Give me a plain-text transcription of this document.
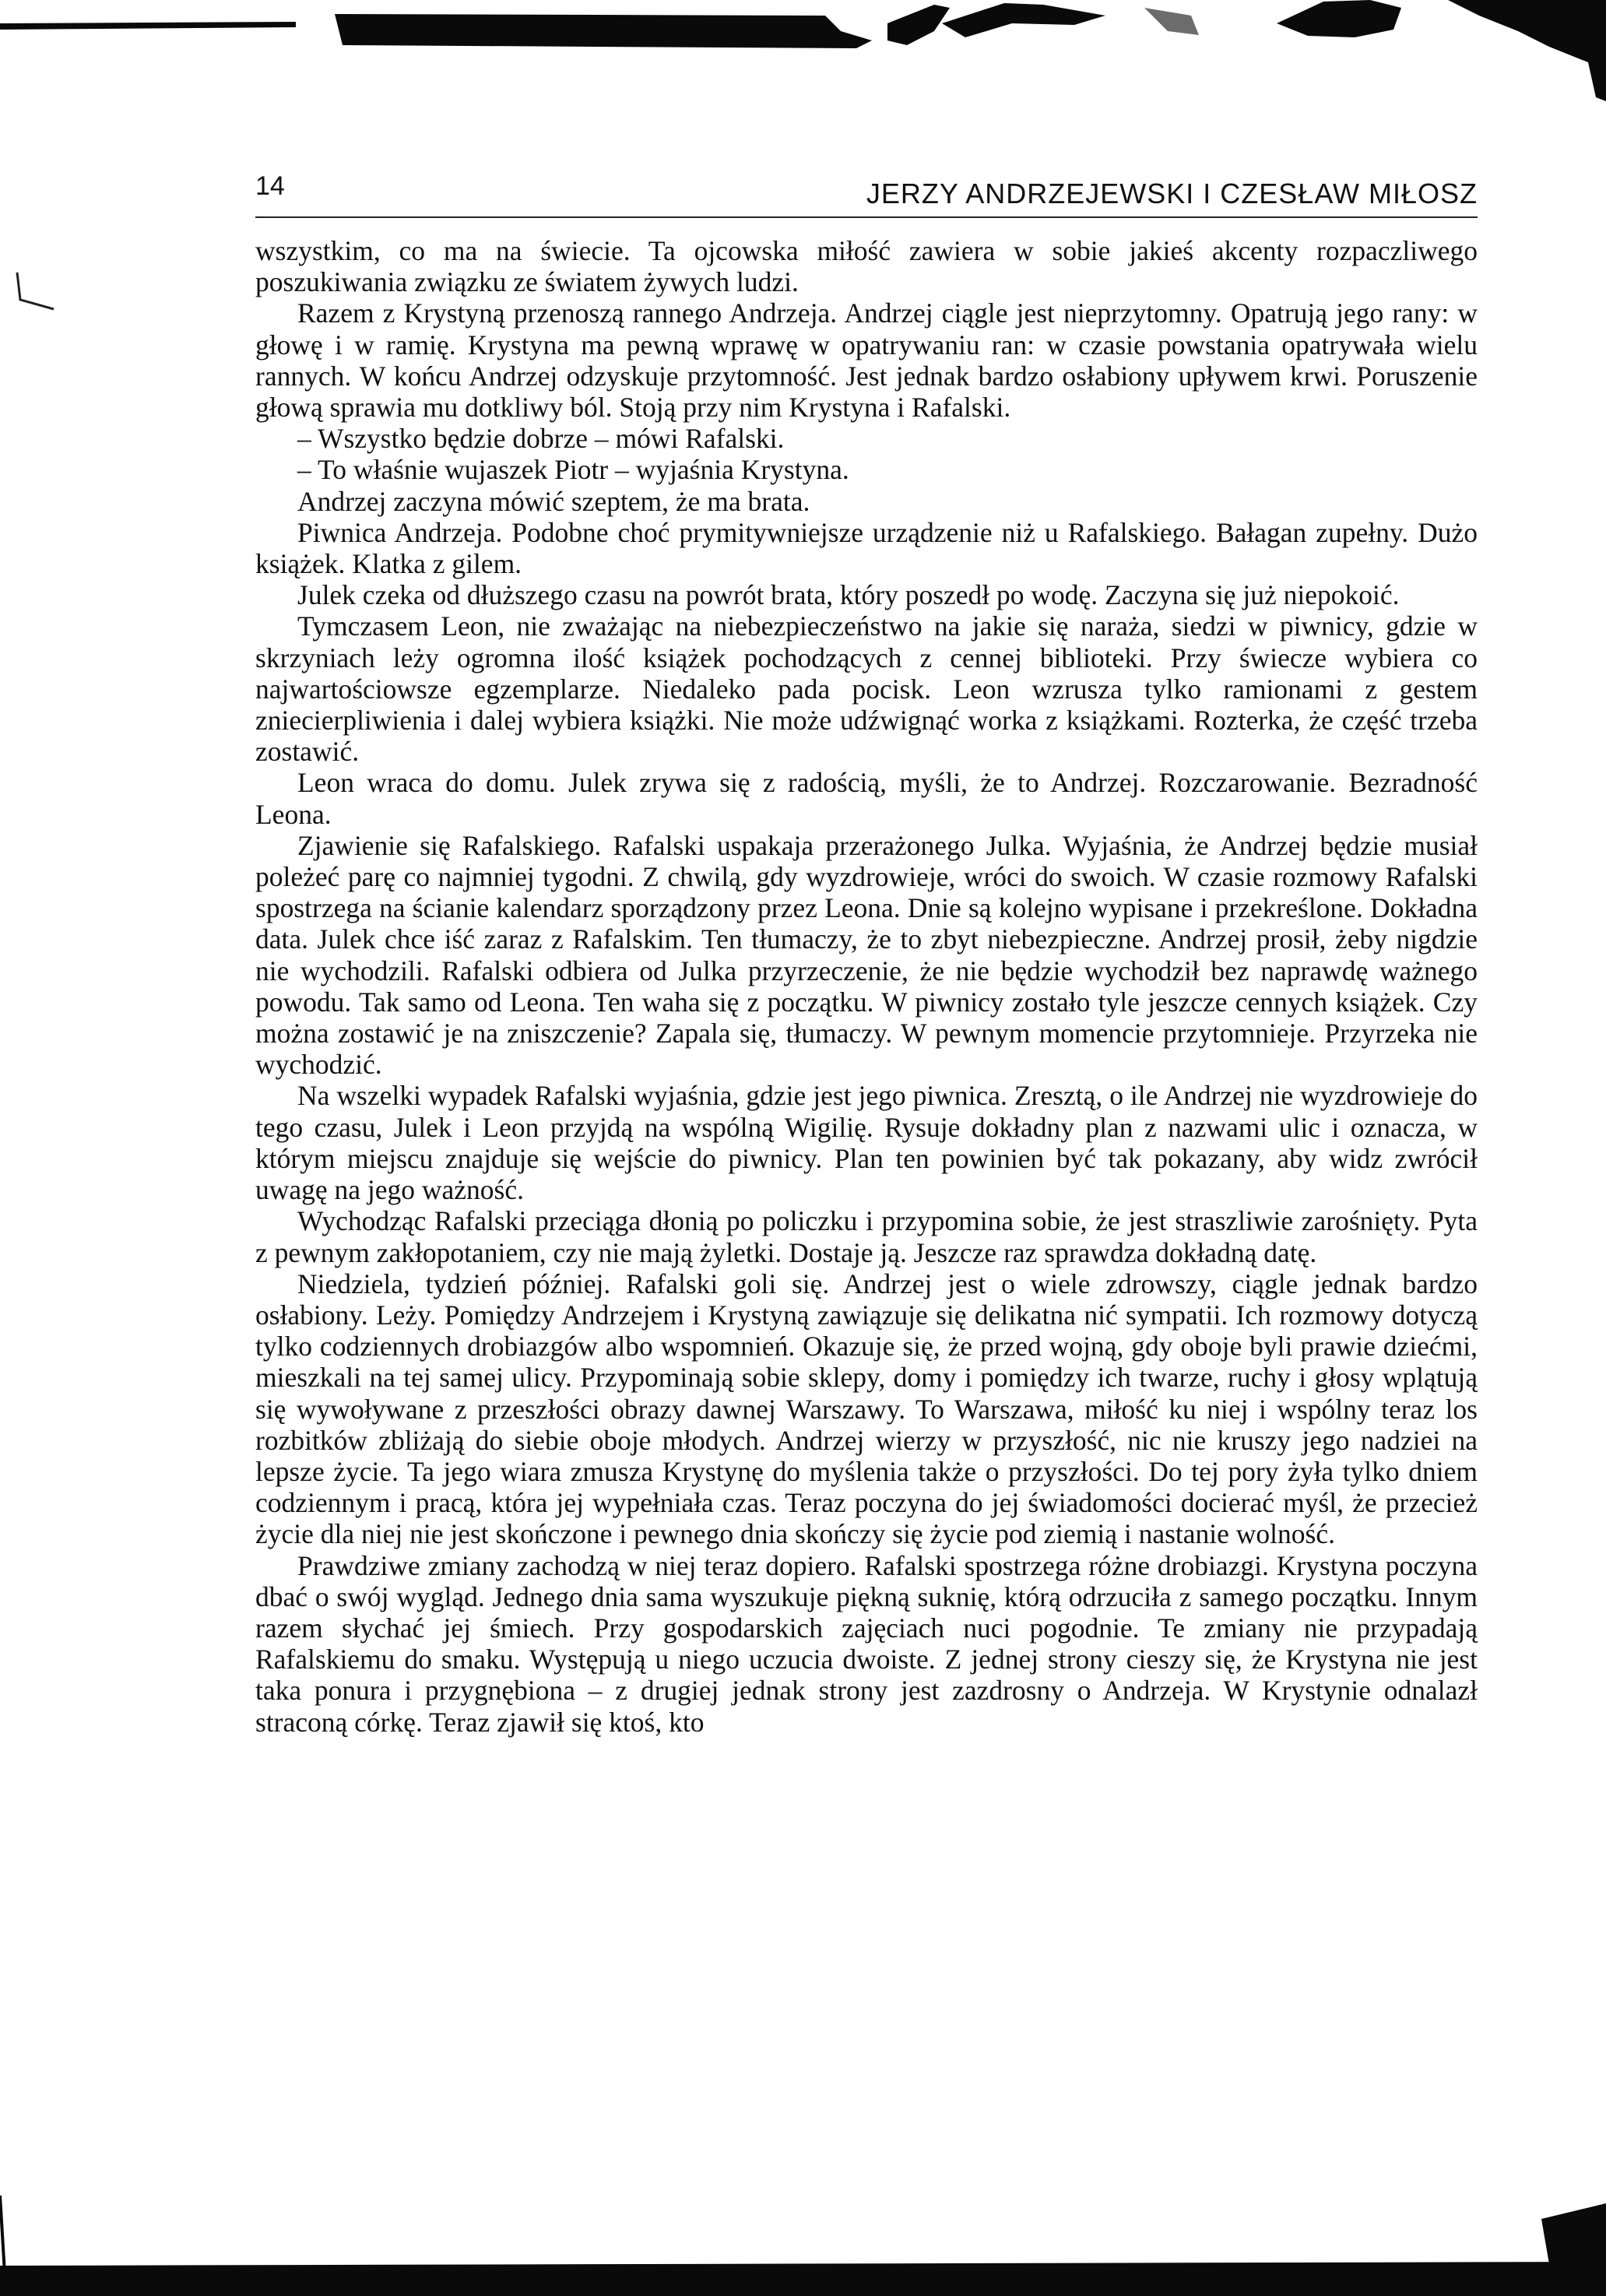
14	JERZY ANDRZEJEWSKI I CZESŁAW MIŁOSZ

wszystkim, co ma na świecie. Ta ojcowska miłość zawiera w sobie jakieś akcenty rozpaczliwego poszukiwania związku ze światem żywych ludzi.

Razem z Krystyną przenoszą rannego Andrzeja. Andrzej ciągle jest nieprzytomny. Opatrują jego rany: w głowę i w ramię. Krystyna ma pewną wprawę w opatrywaniu ran: w czasie powstania opatrywała wielu rannych. W końcu Andrzej odzyskuje przytomność. Jest jednak bardzo osłabiony upływem krwi. Poruszenie głową sprawia mu dotkliwy ból. Stoją przy nim Krystyna i Rafalski.

– Wszystko będzie dobrze – mówi Rafalski.

– To właśnie wujaszek Piotr – wyjaśnia Krystyna.

Andrzej zaczyna mówić szeptem, że ma brata.

Piwnica Andrzeja. Podobne choć prymitywniejsze urządzenie niż u Rafalskiego. Bałagan zupełny. Dużo książek. Klatka z gilem.

Julek czeka od dłuższego czasu na powrót brata, który poszedł po wodę. Zaczyna się już niepokoić.

Tymczasem Leon, nie zważając na niebezpieczeństwo na jakie się naraża, siedzi w piwnicy, gdzie w skrzyniach leży ogromna ilość książek pochodzących z cennej biblioteki. Przy świecze wybiera co najwartościowsze egzemplarze. Niedaleko pada pocisk. Leon wzrusza tylko ramionami z gestem zniecierpliwienia i dalej wybiera książki. Nie może udźwignąć worka z książkami. Rozterka, że część trzeba zostawić.

Leon wraca do domu. Julek zrywa się z radością, myśli, że to Andrzej. Rozczarowanie. Bezradność Leona.

Zjawienie się Rafalskiego. Rafalski uspakaja przerażonego Julka. Wyjaśnia, że Andrzej będzie musiał poleżeć parę co najmniej tygodni. Z chwilą, gdy wyzdrowieje, wróci do swoich. W czasie rozmowy Rafalski spostrzega na ścianie kalendarz sporządzony przez Leona. Dnie są kolejno wypisane i przekreślone. Dokładna data. Julek chce iść zaraz z Rafalskim. Ten tłumaczy, że to zbyt niebezpieczne. Andrzej prosił, żeby nigdzie nie wychodzili. Rafalski odbiera od Julka przyrzeczenie, że nie będzie wychodził bez naprawdę ważnego powodu. Tak samo od Leona. Ten waha się z początku. W piwnicy zostało tyle jeszcze cennych książek. Czy można zostawić je na zniszczenie? Zapala się, tłumaczy. W pewnym momencie przytomnieje. Przyrzeka nie wychodzić.

Na wszelki wypadek Rafalski wyjaśnia, gdzie jest jego piwnica. Zresztą, o ile Andrzej nie wyzdrowieje do tego czasu, Julek i Leon przyjdą na wspólną Wigilię. Rysuje dokładny plan z nazwami ulic i oznacza, w którym miejscu znajduje się wejście do piwnicy. Plan ten powinien być tak pokazany, aby widz zwrócił uwagę na jego ważność.

Wychodząc Rafalski przeciąga dłonią po policzku i przypomina sobie, że jest straszliwie zarośnięty. Pyta z pewnym zakłopotaniem, czy nie mają żyletki. Dostaje ją. Jeszcze raz sprawdza dokładną datę.

Niedziela, tydzień później. Rafalski goli się. Andrzej jest o wiele zdrowszy, ciągle jednak bardzo osłabiony. Leży. Pomiędzy Andrzejem i Krystyną zawiązuje się delikatna nić sympatii. Ich rozmowy dotyczą tylko codziennych drobiazgów albo wspomnień. Okazuje się, że przed wojną, gdy oboje byli prawie dziećmi, mieszkali na tej samej ulicy. Przypominają sobie sklepy, domy i pomiędzy ich twarze, ruchy i głosy wplątują się wywoływane z przeszłości obrazy dawnej Warszawy. To Warszawa, miłość ku niej i wspólny teraz los rozbitków zbliżają do siebie oboje młodych. Andrzej wierzy w przyszłość, nic nie kruszy jego nadziei na lepsze życie. Ta jego wiara zmusza Krystynę do myślenia także o przyszłości. Do tej pory żyła tylko dniem codziennym i pracą, która jej wypełniała czas. Teraz poczyna do jej świadomości docierać myśl, że przecież życie dla niej nie jest skończone i pewnego dnia skończy się życie pod ziemią i nastanie wolność.

Prawdziwe zmiany zachodzą w niej teraz dopiero. Rafalski spostrzega różne drobiazgi. Krystyna poczyna dbać o swój wygląd. Jednego dnia sama wyszukuje piękną suknię, którą odrzuciła z samego początku. Innym razem słychać jej śmiech. Przy gospodarskich zajęciach nuci pogodnie. Te zmiany nie przypadają Rafalskiemu do smaku. Występują u niego uczucia dwoiste. Z jednej strony cieszy się, że Krystyna nie jest taka ponura i przygnębiona – z drugiej jednak strony jest zazdrosny o Andrzeja. W Krystynie odnalazł straconą córkę. Teraz zjawił się ktoś, kto
